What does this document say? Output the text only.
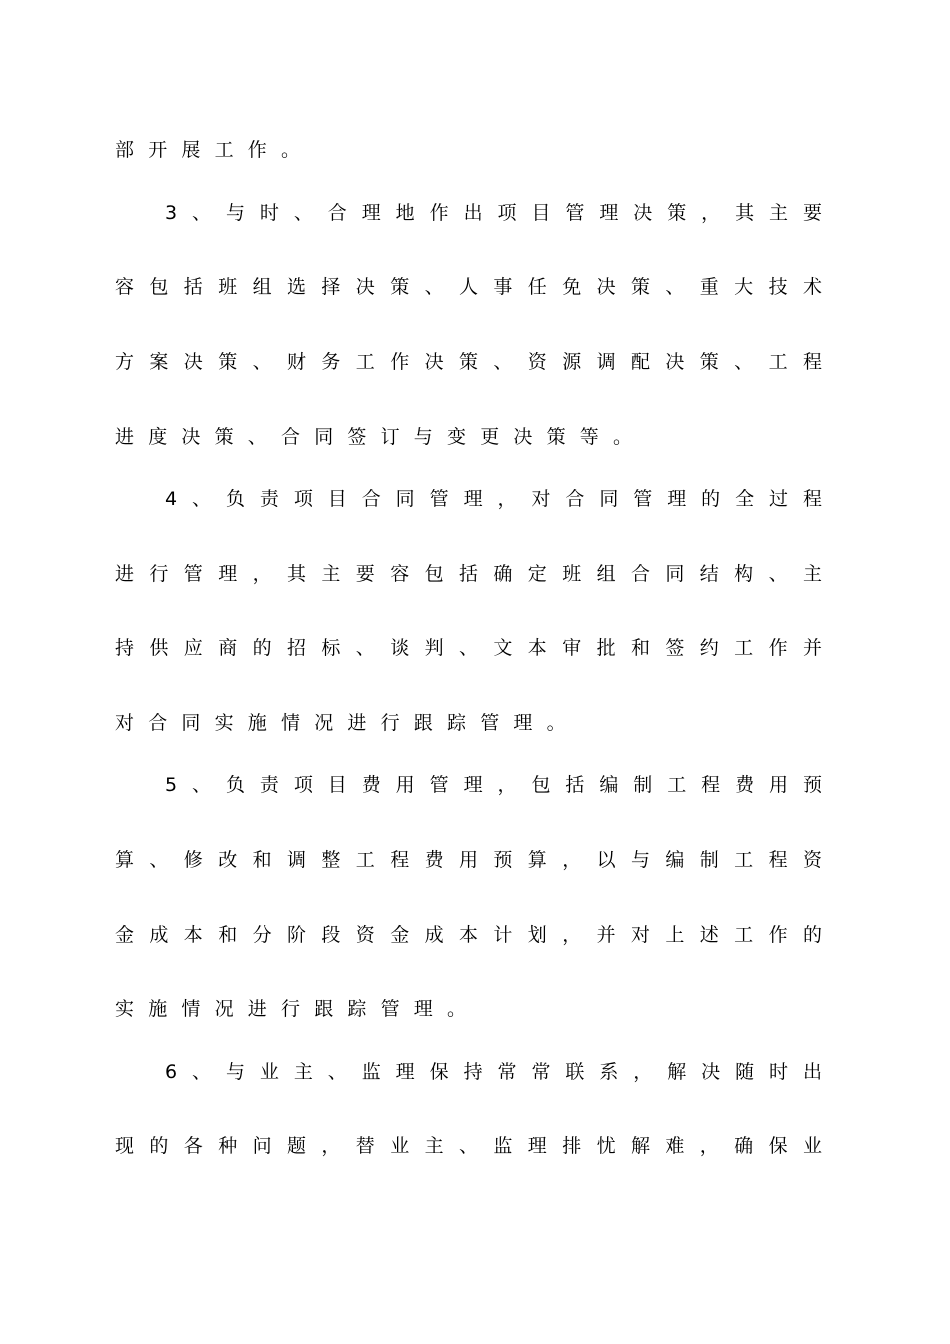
部开展工作。
3、与时、合理地作出项目管理决策，其主要
容包括班组选择决策、人事任免决策、重大技术
方案决策、财务工作决策、资源调配决策、工程
进度决策、合同签订与变更决策等。
4、负责项目合同管理，对合同管理的全过程
进行管理，其主要容包括确定班组合同结构、主
持供应商的招标、谈判、文本审批和签约工作并
对合同实施情况进行跟踪管理。
5、负责项目费用管理，包括编制工程费用预
算、修改和调整工程费用预算，以与编制工程资
金成本和分阶段资金成本计划，并对上述工作的
实施情况进行跟踪管理。
6、与业主、监理保持常常联系，解决随时出
现的各种问题，替业主、监理排忧解难，确保业
